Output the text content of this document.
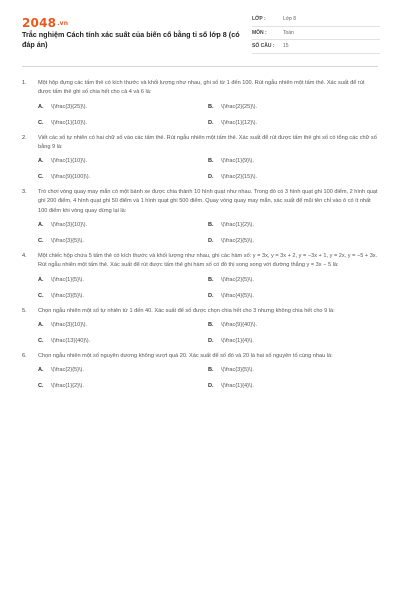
2048.vn
Trắc nghiệm Cách tính xác suất của biến cố bằng tỉ số lớp 8 (có đáp án)
LỚP :	Lớp 8
MÔN :	Toán
SỐ CÂU :	15
1.	Một hộp đựng các tấm thẻ có kích thước và khối lượng như nhau, ghi số từ 1 đến 100. Rút ngẫu nhiên một tấm thẻ. Xác suất để rút được tấm thẻ ghi số chia hết cho cả 4 và 6 là:
A.	\(\frac{3}{25}\).	B.	\(\frac{2}{25}\).
C.	\(\frac{1}{10}\).	D.	\(\frac{1}{12}\).
2.	Viết các số tự nhiên có hai chữ số vào các tấm thẻ. Rút ngẫu nhiên một tấm thẻ. Xác suất để rút được tấm thẻ ghi số có tổng các chữ số bằng 9 là:
A.	\(\frac{1}{10}\).	B.	\(\frac{1}{9}\).
C.	\(\frac{9}{100}\).	D.	\(\frac{2}{15}\).
3.	Trò chơi vòng quay may mắn có một bánh xe được chia thành 10 hình quạt như nhau. Trong đó có 3 hình quạt ghi 100 điểm, 2 hình quạt ghi 200 điểm, 4 hình quạt ghi 50 điểm và 1 hình quạt ghi 500 điểm. Quay vòng quay may mắn, xác suất để mũi tên chỉ vào ô có ít nhất 100 điểm khi vòng quay dừng lại là:
A.	\(\frac{3}{10}\).	B.	\(\frac{1}{2}\).
C.	\(\frac{3}{5}\).	D.	\(\frac{2}{5}\).
4.	Một chiếc hộp chứa 5 tấm thẻ có kích thước và khối lượng như nhau, ghi các hàm số: y = 3x, y = 3x + 2, y = −3x + 1, y = 2x, y = −5 + 3x. Rút ngẫu nhiên một tấm thẻ. Xác suất để rút được tấm thẻ ghi hàm số có đồ thị song song với đường thẳng y = 3x − 5 là:
A.	\(\frac{1}{5}\).	B.	\(\frac{2}{5}\).
C.	\(\frac{3}{5}\).	D.	\(\frac{4}{5}\).
5.	Chọn ngẫu nhiên một số tự nhiên từ 1 đến 40. Xác suất để số được chọn chia hết cho 3 nhưng không chia hết cho 9 là:
A.	\(\frac{3}{10}\).	B.	\(\frac{9}{40}\).
C.	\(\frac{13}{40}\).	D.	\(\frac{1}{4}\).
6.	Chọn ngẫu nhiên một số nguyên dương không vượt quá 20. Xác suất để số đó và 20 là hai số nguyên tố cùng nhau là:
A.	\(\frac{2}{5}\).	B.	\(\frac{3}{5}\).
C.	\(\frac{1}{2}\).	D.	\(\frac{1}{4}\).
